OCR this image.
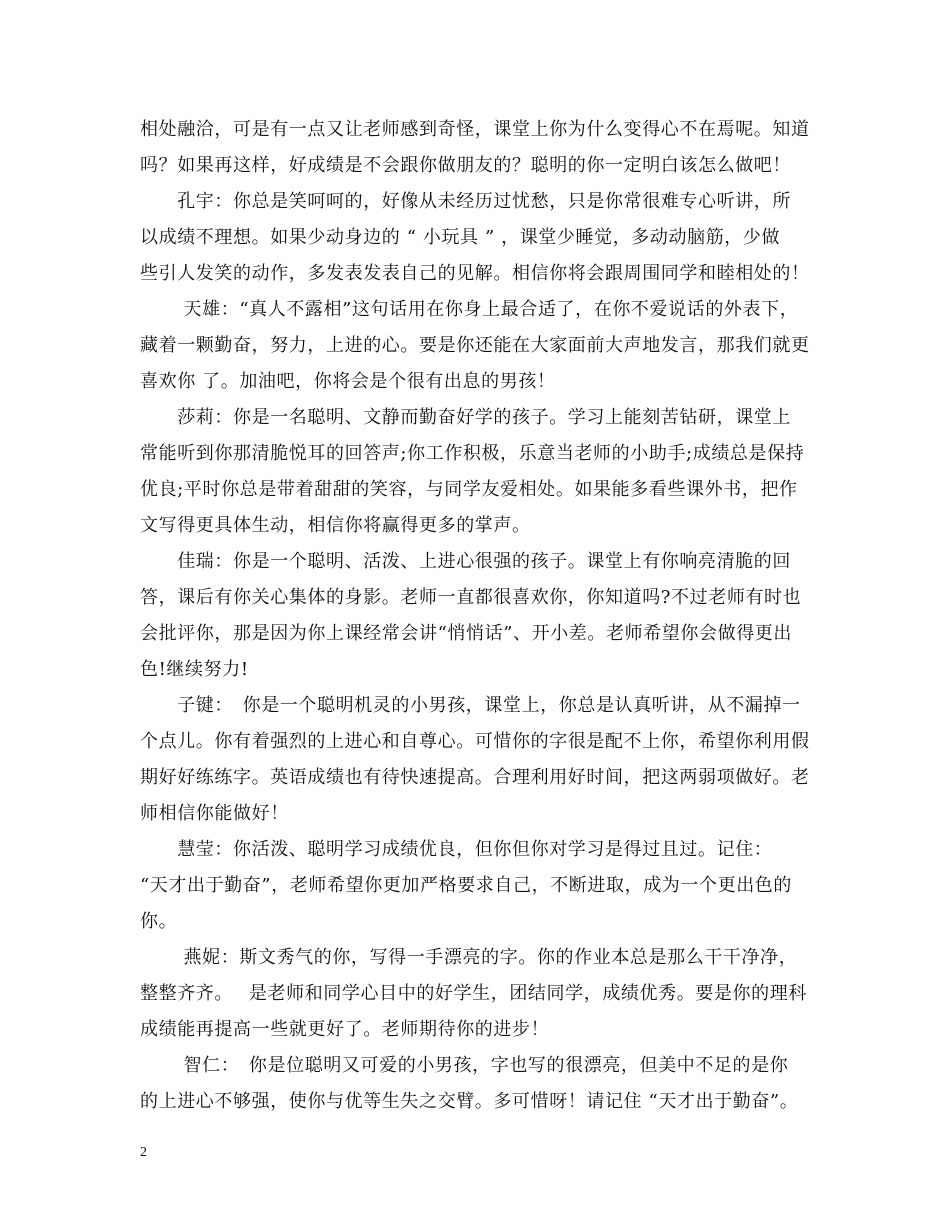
相处融洽，可是有一点又让老师感到奇怪，课堂上你为什么变得心不在焉呢。知道
吗？如果再这样，好成绩是不会跟你做朋友的？聪明的你一定明白该怎么做吧！
　　孔宇：你总是笑呵呵的，好像从未经历过忧愁，只是你常很难专心听讲，所
以成绩不理想。如果少动身边的 “ 小玩具 ” ，课堂少睡觉，多动动脑筋，少做
些引人发笑的动作，多发表发表自己的见解。相信你将会跟周围同学和睦相处的！
　　 天雄：“真人不露相”这句话用在你身上最合适了，在你不爱说话的外表下，
藏着一颗勤奋，努力，上进的心。要是你还能在大家面前大声地发言，那我们就更
喜欢你 了。加油吧，你将会是个很有出息的男孩！
　　莎莉：你是一名聪明、文静而勤奋好学的孩子。学习上能刻苦钻研，课堂上
常能听到你那清脆悦耳的回答声;你工作积极，乐意当老师的小助手;成绩总是保持
优良;平时你总是带着甜甜的笑容，与同学友爱相处。如果能多看些课外书，把作
文写得更具体生动，相信你将赢得更多的掌声。
　　佳瑞：你是一个聪明、活泼、上进心很强的孩子。课堂上有你响亮清脆的回
答，课后有你关心集体的身影。老师一直都很喜欢你，你知道吗?不过老师有时也
会批评你，那是因为你上课经常会讲“悄悄话”、开小差。老师希望你会做得更出
色!继续努力!
　　子键：　你是一个聪明机灵的小男孩，课堂上，你总是认真听讲，从不漏掉一
个点儿。你有着强烈的上进心和自尊心。可惜你的字很是配不上你，希望你利用假
期好好练练字。英语成绩也有待快速提高。合理利用好时间，把这两弱项做好。老
师相信你能做好！
　　慧莹：你活泼、聪明学习成绩优良，但你但你对学习是得过且过。记住：
“天才出于勤奋”，老师希望你更加严格要求自己，不断进取，成为一个更出色的
你。
　　 燕妮：斯文秀气的你，写得一手漂亮的字。你的作业本总是那么干干净净，
整整齐齐。　 是老师和同学心目中的好学生，团结同学，成绩优秀。要是你的理科
成绩能再提高一些就更好了。老师期待你的进步！
　　 智仁：　你是位聪明又可爱的小男孩，字也写的很漂亮，但美中不足的是你
的上进心不够强，使你与优等生失之交臂。多可惜呀！请记住 “天才出于勤奋”。
2
